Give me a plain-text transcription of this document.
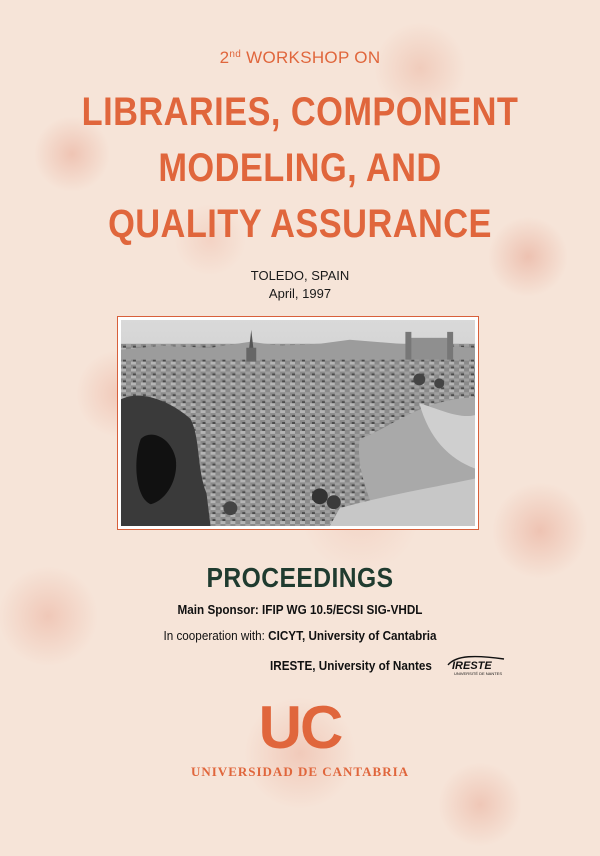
2nd WORKSHOP ON
LIBRARIES, COMPONENT
MODELING, AND
QUALITY ASSURANCE
TOLEDO, SPAIN
April, 1997
PROCEEDINGS
Main Sponsor: IFIP WG 10.5/ECSI SIG-VHDL
In cooperation with: CICYT, University of Cantabria
IRESTE, University of Nantes IRESTE
UNIVERSITÉ DE NANTES
UC
UNIVERSIDAD DE CANTABRIA
